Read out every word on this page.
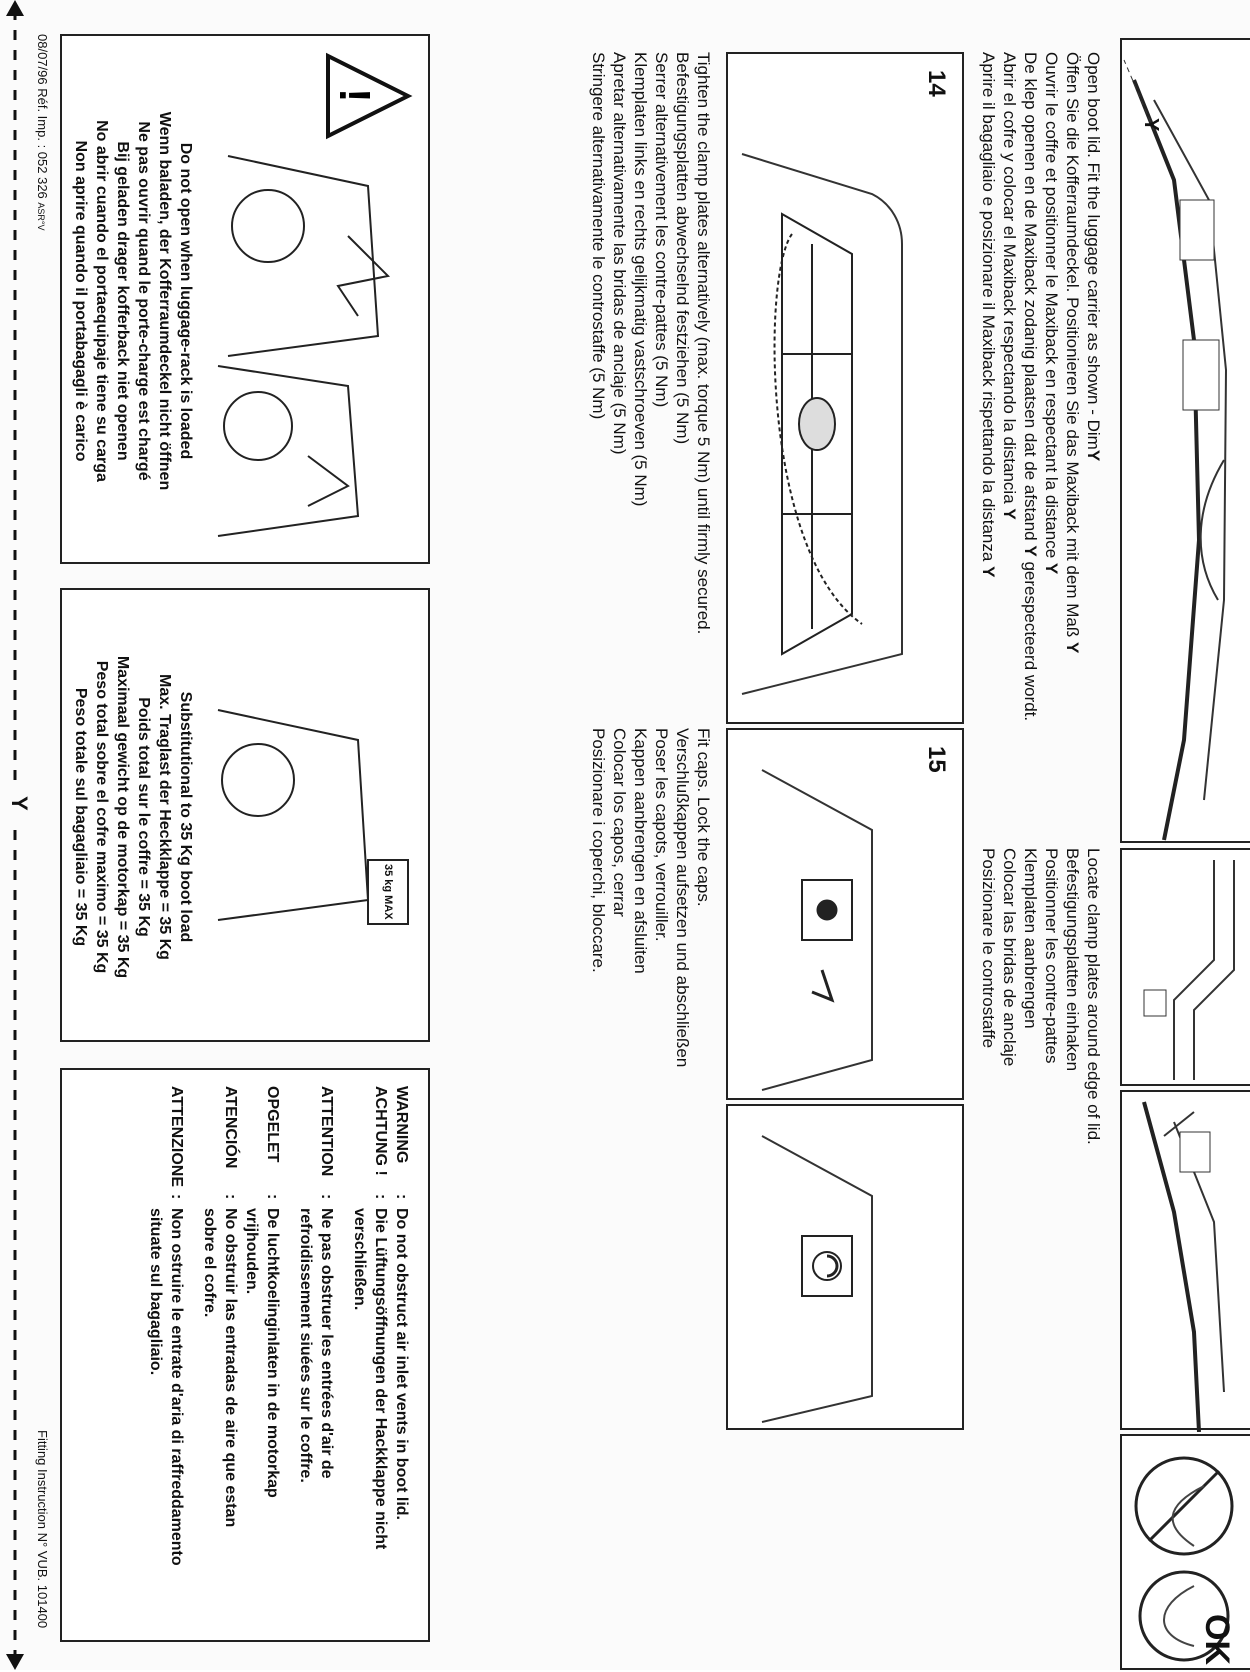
Y
OK
Open boot lid. Fit the luggage carrier as shown - DimY
Öffen Sie die Kofferraumdeckel. Positionieren Sie das Maxiback mit dem Maß Y
Ouvrir le coffre et positionner le Maxiback en respectant la distance Y
De klep openen en de Maxiback zodanig plaatsen dat de afstand Y gerespecteerd wordt.
Abrir el cofre y colocar el Maxiback respectando la distancia Y
Aprire il bagagliaio e posizionare il Maxiback rispettando la distanza Y
Locate clamp plates around edge of lid.
Befestigungsplatten einhaken
Positionner les contre-pattes
Klemplaten aanbrengen
Colocar las bridas de anclaje
Posizionare le controstaffe
14
Tighten the clamp plates alternatively (max. torque 5 Nm) until firmly secured.
Befestigungsplatten abwechselnd festziehen (5 Nm)
Serrer alternativement les contre-pattes (5 Nm)
Klemplaten links en rechts gelijkmatig vastschroeven (5 Nm)
Apretar alternativamente las bridas de anclaje (5 Nm)
Stringere alternativamente le controstaffe (5 Nm)
15
Fit caps. Lock the caps.
Verschlußkappen aufsetzen und abschließen
Poser les capots, verrouiller.
Kappen aanbrengen en afsluiten
Colocar los capos, cerrar
Posizionare i coperchi, bloccare.
!
Do not open when luggage-rack is loaded
Wenn baladen, der Kofferraumdeckel nicht öffnen
Ne pas ouvrir quand le porte-charge est chargé
Bij geladen drager kofferback niet openen
No abrir cuando el portaequipaje tiene su carga
Non aprire quando il portabagagli è carico
35 kg MAX
Substitutional to 35 Kg boot load
Max. Traglast der Heckklappe = 35 Kg
Poids total sur le coffre = 35 Kg
Maximaal gewicht op de motorkap = 35 Kg
Peso total sobre el cofre maximo = 35 Kg
Peso totale sul bagagliaio = 35 Kg
WARNING
:
Do not obstruct air inlet vents in boot lid.
ACHTUNG !
:
Die Lüftungsöffnungen der Hackklappe nicht verschließen.
ATTENTION
:
Ne pas obstruer les entrées d'air de refroidissement siuées sur le coffre.
OPGELET
:
De luchtkoelinginlaten in de motorkap vrijhouden.
ATENCIÓN
:
No obstruir las entradas de aire que estan sobre el cofre.
ATTENZIONE
:
Non ostruire le entrate d'aria di raffreddamento situate sul bagagliaio.
08/07/96 Réf. Imp. : 052 326 ASR°V
Fitting Instruction N° VUB. 101400
Y
